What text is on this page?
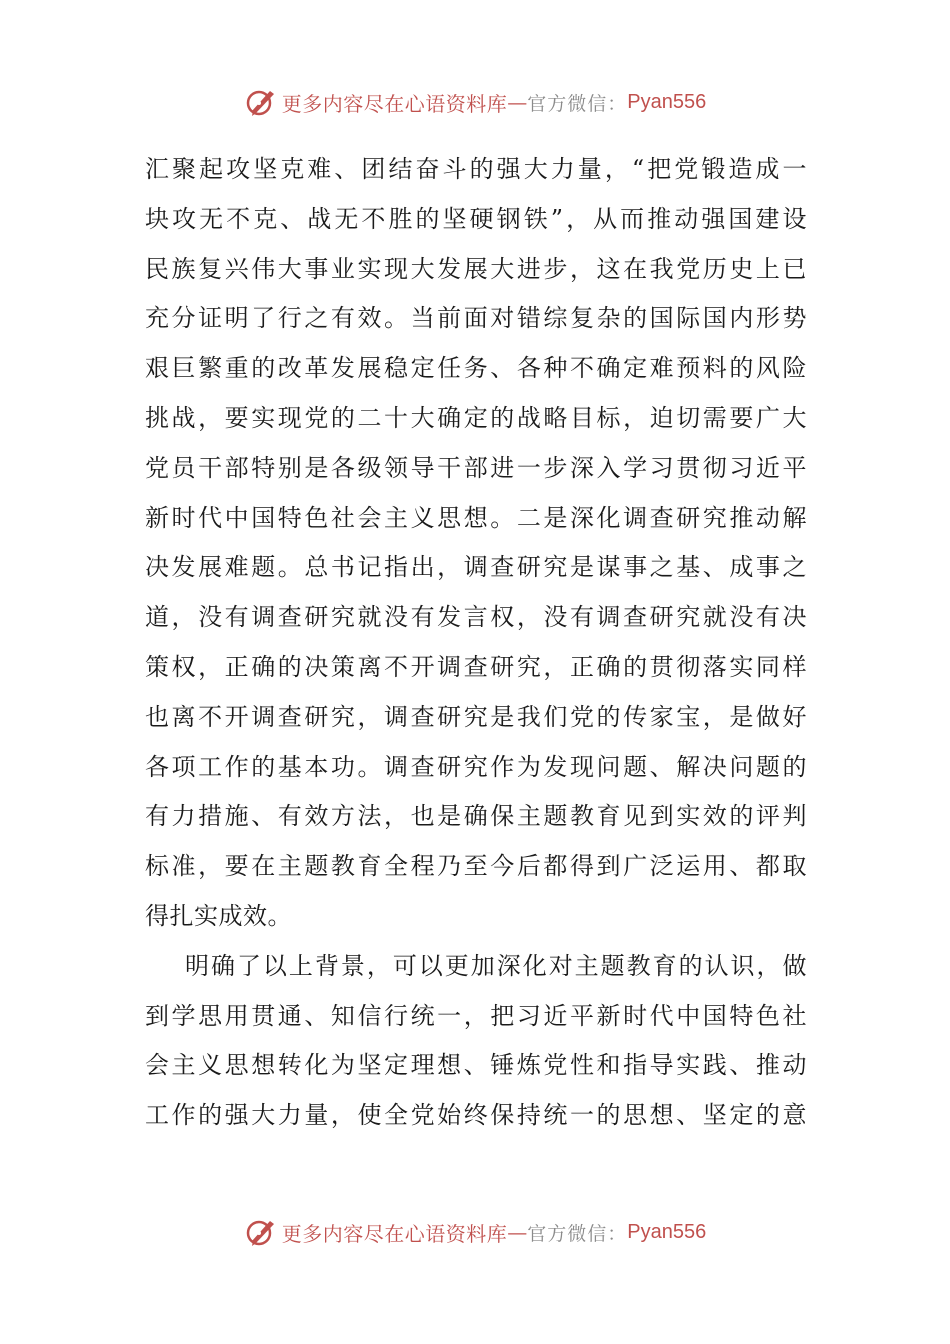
更多内容尽在心语资料库 — 官方微信： Pyan556
汇聚起攻坚克难、团结奋斗的强大力量，“把党锻造成一
块攻无不克、战无不胜的坚硬钢铁”，从而推动强国建设
民族复兴伟大事业实现大发展大进步，这在我党历史上已
充分证明了行之有效。当前面对错综复杂的国际国内形势
艰巨繁重的改革发展稳定任务、各种不确定难预料的风险
挑战，要实现党的二十大确定的战略目标，迫切需要广大
党员干部特别是各级领导干部进一步深入学习贯彻习近平
新时代中国特色社会主义思想。二是深化调查研究推动解
决发展难题。总书记指出，调查研究是谋事之基、成事之
道，没有调查研究就没有发言权，没有调查研究就没有决
策权，正确的决策离不开调查研究，正确的贯彻落实同样
也离不开调查研究，调查研究是我们党的传家宝，是做好
各项工作的基本功。调查研究作为发现问题、解决问题的
有力措施、有效方法，也是确保主题教育见到实效的评判
标准，要在主题教育全程乃至今后都得到广泛运用、都取
得扎实成效。
明确了以上背景，可以更加深化对主题教育的认识，做
到学思用贯通、知信行统一，把习近平新时代中国特色社
会主义思想转化为坚定理想、锤炼党性和指导实践、推动
工作的强大力量，使全党始终保持统一的思想、坚定的意
更多内容尽在心语资料库 — 官方微信： Pyan556
